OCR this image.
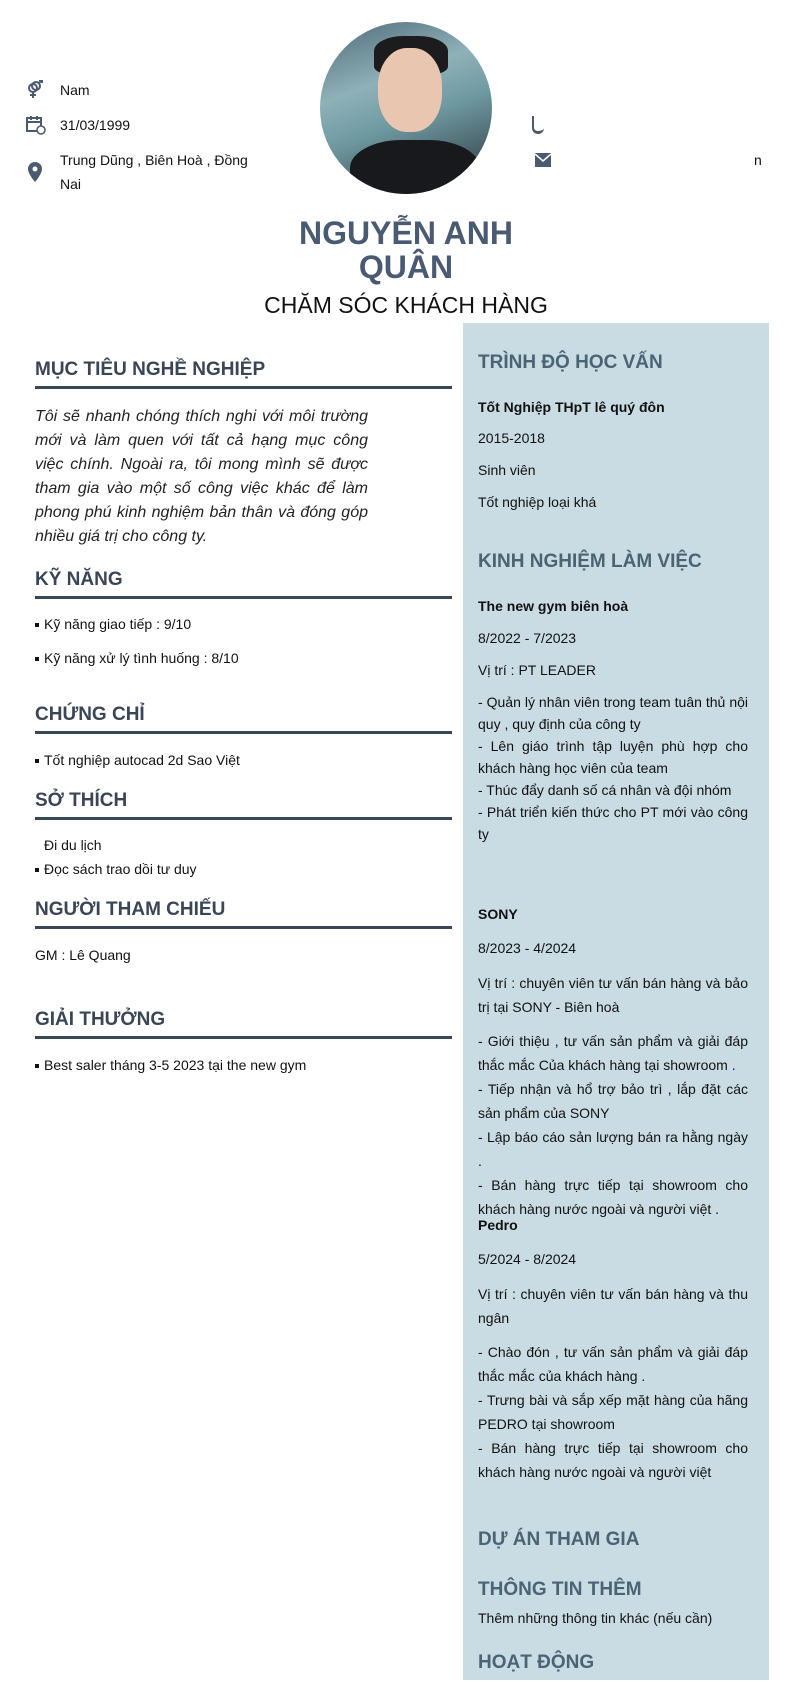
Nam
31/03/1999
Trung Dũng , Biên Hoà , Đồng Nai
n
NGUYỄN ANH
QUÂN
CHĂM SÓC KHÁCH HÀNG
MỤC TIÊU NGHỀ NGHIỆP
Tôi sẽ nhanh chóng thích nghi với môi trường mới và làm quen với tất cả hạng mục công việc chính. Ngoài ra, tôi mong mình sẽ được tham gia vào một số công việc khác để làm phong phú kinh nghiệm bản thân và đóng góp nhiều giá trị cho công ty.
KỸ NĂNG
Kỹ năng giao tiếp : 9/10
Kỹ năng xử lý tình huống : 8/10
CHỨNG CHỈ
Tốt nghiệp autocad 2d Sao Việt
SỞ THÍCH
Đi du lịch
Đọc sách trao dồi tư duy
NGƯỜI THAM CHIẾU
GM : Lê Quang
GIẢI THƯỞNG
Best saler tháng 3-5 2023 tại the new gym
TRÌNH ĐỘ HỌC VẤN
Tốt Nghiệp THpT lê quý đôn
2015-2018
Sinh viên
Tốt nghiệp loại khá
KINH NGHIỆM LÀM VIỆC
The new gym biên hoà
8/2022 - 7/2023
Vị trí : PT LEADER
- Quản lý nhân viên trong team tuân thủ nội quy , quy định của công ty
- Lên giáo trình tập luyện phù hợp cho khách hàng học viên của team
- Thúc đẩy danh số cá nhân và đội nhóm
- Phát triển kiến thức cho PT mới vào công ty
SONY
8/2023 - 4/2024
Vị trí : chuyên viên tư vấn bán hàng và bảo trị tại SONY - Biên hoà
- Giới thiệu , tư vấn sản phẩm và giải đáp thắc mắc Của khách hàng tại showroom .
- Tiếp nhận và hổ trợ bảo trì , lắp đặt các sản phẩm của SONY
- Lập báo cáo sản lượng bán ra hằng ngày .
- Bán hàng trực tiếp tại showroom cho khách hàng nước ngoài và người việt .
Pedro
5/2024 - 8/2024
Vị trí : chuyên viên tư vấn bán hàng và thu ngân
- Chào đón , tư vấn sản phẩm và giải đáp thắc mắc của khách hàng .
- Trưng bài và sắp xếp mặt hàng của hãng PEDRO tại showroom
- Bán hàng trực tiếp tại showroom cho khách hàng nước ngoài và người việt
DỰ ÁN THAM GIA
THÔNG TIN THÊM
Thêm những thông tin khác (nếu cần)
HOẠT ĐỘNG
